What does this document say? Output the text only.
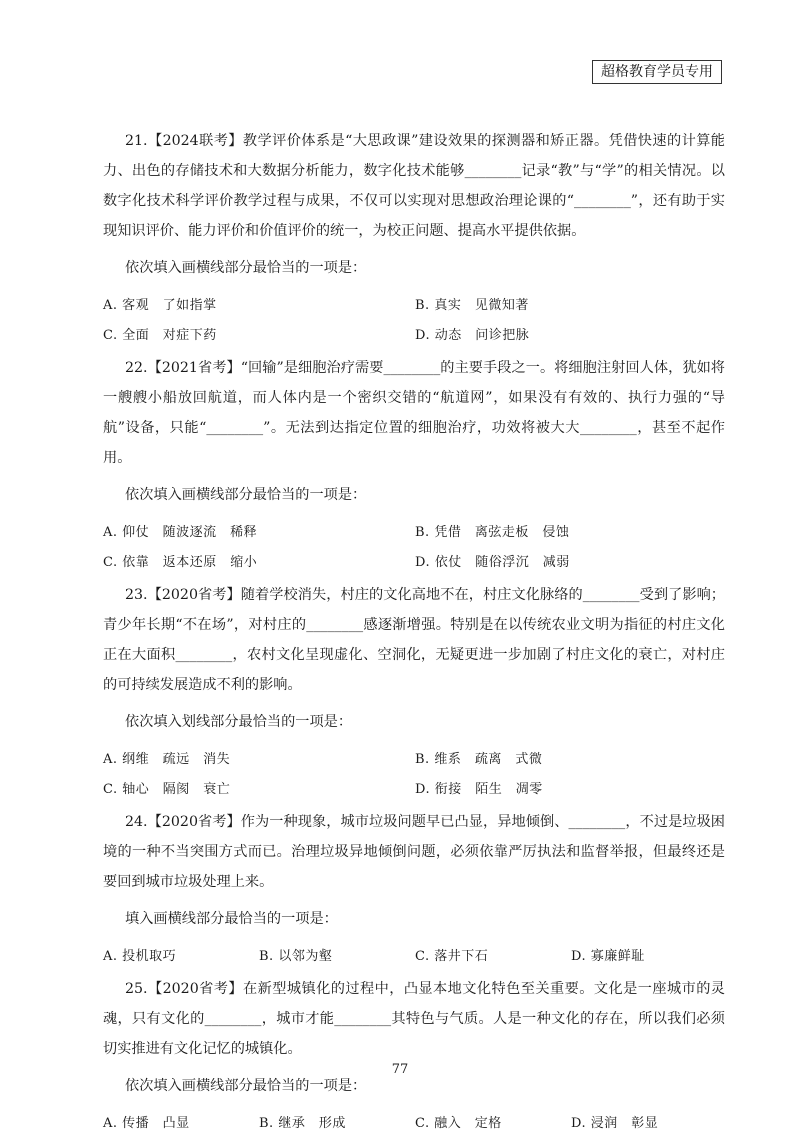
超格教育学员专用

21.【2024联考】教学评价体系是“大思政课”建设效果的探测器和矫正器。凭借快速的计算能力、出色的存储技术和大数据分析能力，数字化技术能够________记录“教”与“学”的相关情况。以数字化技术科学评价教学过程与成果，不仅可以实现对思想政治理论课的“________”，还有助于实现知识评价、能力评价和价值评价的统一，为校正问题、提高水平提供依据。

依次填入画横线部分最恰当的一项是：

A. 客观　了如指掌	B. 真实　见微知著
C. 全面　对症下药	D. 动态　问诊把脉

22.【2021省考】“回输”是细胞治疗需要________的主要手段之一。将细胞注射回人体，犹如将一艘艘小船放回航道，而人体内是一个密织交错的“航道网”，如果没有有效的、执行力强的“导航”设备，只能“________”。无法到达指定位置的细胞治疗，功效将被大大________，甚至不起作用。

依次填入画横线部分最恰当的一项是：

A. 仰仗　随波逐流　稀释	B. 凭借　离弦走板　侵蚀
C. 依靠　返本还原　缩小	D. 依仗　随俗浮沉　减弱

23.【2020省考】随着学校消失，村庄的文化高地不在，村庄文化脉络的________受到了影响；青少年长期“不在场”，对村庄的________感逐渐增强。特别是在以传统农业文明为指征的村庄文化正在大面积________，农村文化呈现虚化、空洞化，无疑更进一步加剧了村庄文化的衰亡，对村庄的可持续发展造成不利的影响。

依次填入划线部分最恰当的一项是：

A. 纲维　疏远　消失	B. 维系　疏离　式微
C. 轴心　隔阂　衰亡	D. 衔接　陌生　凋零

24.【2020省考】作为一种现象，城市垃圾问题早已凸显，异地倾倒、________，不过是垃圾困境的一种不当突围方式而已。治理垃圾异地倾倒问题，必须依靠严厉执法和监督举报，但最终还是要回到城市垃圾处理上来。

填入画横线部分最恰当的一项是：

A. 投机取巧	B. 以邻为壑	C. 落井下石	D. 寡廉鲜耻

25.【2020省考】在新型城镇化的过程中，凸显本地文化特色至关重要。文化是一座城市的灵魂，只有文化的________，城市才能________其特色与气质。人是一种文化的存在，所以我们必须切实推进有文化记忆的城镇化。

依次填入画横线部分最恰当的一项是：

A. 传播　凸显	B. 继承　形成	C. 融入　定格	D. 浸润　彰显
77
